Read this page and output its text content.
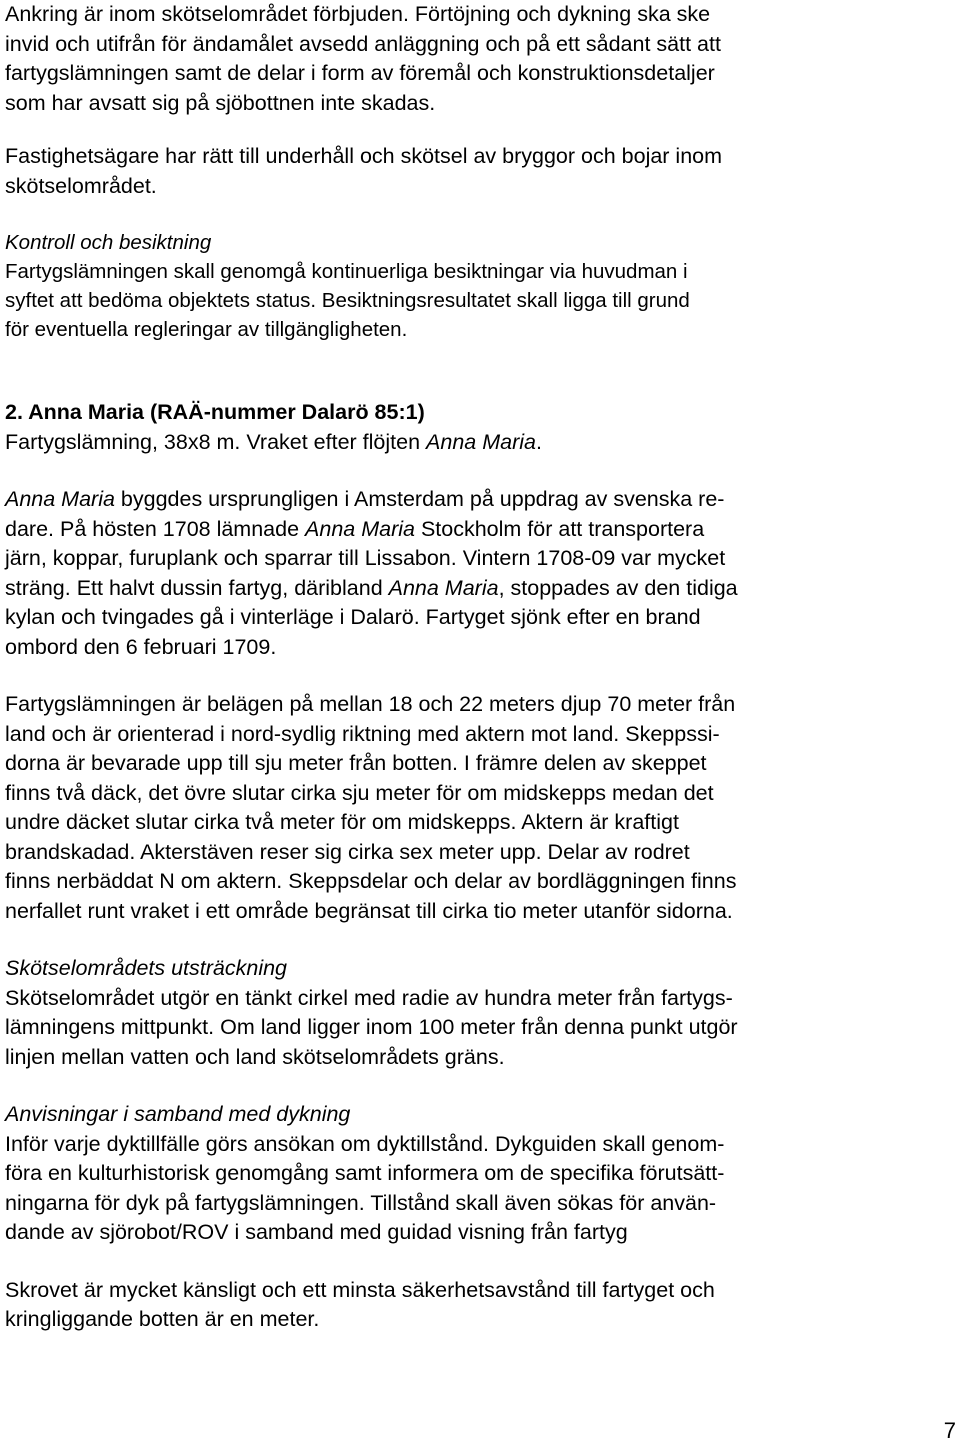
Ankring är inom skötselområdet förbjuden. Förtöjning och dykning ska ske
invid och utifrån för ändamålet avsedd anläggning och på ett sådant sätt att
fartygslämningen samt de delar i form av föremål och konstruktionsdetaljer
som har avsatt sig på sjöbottnen inte skadas.
Fastighetsägare har rätt till underhåll och skötsel av bryggor och bojar inom
skötselområdet.
Kontroll och besiktning
Fartygslämningen skall genomgå kontinuerliga besiktningar via huvudman i
syftet att bedöma objektets status. Besiktningsresultatet skall ligga till grund
för eventuella regleringar av tillgängligheten.
2. Anna Maria (RAÄ-nummer Dalarö 85:1)
Fartygslämning, 38x8 m. Vraket efter flöjten Anna Maria.
Anna Maria byggdes ursprungligen i Amsterdam på uppdrag av svenska re-
dare. På hösten 1708 lämnade Anna Maria Stockholm för att transportera
järn, koppar, furuplank och sparrar till Lissabon. Vintern 1708-09 var mycket
sträng. Ett halvt dussin fartyg, däribland Anna Maria, stoppades av den tidiga
kylan och tvingades gå i vinterläge i Dalarö. Fartyget sjönk efter en brand
ombord den 6 februari 1709.
Fartygslämningen är belägen på mellan 18 och 22 meters djup 70 meter från
land och är orienterad i nord-sydlig riktning med aktern mot land. Skeppssi-
dorna är bevarade upp till sju meter från botten. I främre delen av skeppet
finns två däck, det övre slutar cirka sju meter för om midskepps medan det
undre däcket slutar cirka två meter för om midskepps. Aktern är kraftigt
brandskadad. Akterstäven reser sig cirka sex meter upp. Delar av rodret
finns nerbäddat N om aktern. Skeppsdelar och delar av bordläggningen finns
nerfallet runt vraket i ett område begränsat till cirka tio meter utanför sidorna.
Skötselområdets utsträckning
Skötselområdet utgör en tänkt cirkel med radie av hundra meter från fartygs-
lämningens mittpunkt. Om land ligger inom 100 meter från denna punkt utgör
linjen mellan vatten och land skötselområdets gräns.
Anvisningar i samband med dykning
Inför varje dyktillfälle görs ansökan om dyktillstånd. Dykguiden skall genom-
föra en kulturhistorisk genomgång samt informera om de specifika förutsätt-
ningarna för dyk på fartygslämningen. Tillstånd skall även sökas för använ-
dande av sjörobot/ROV i samband med guidad visning från fartyg
Skrovet är mycket känsligt och ett minsta säkerhetsavstånd till fartyget och
kringliggande botten är en meter.
7
